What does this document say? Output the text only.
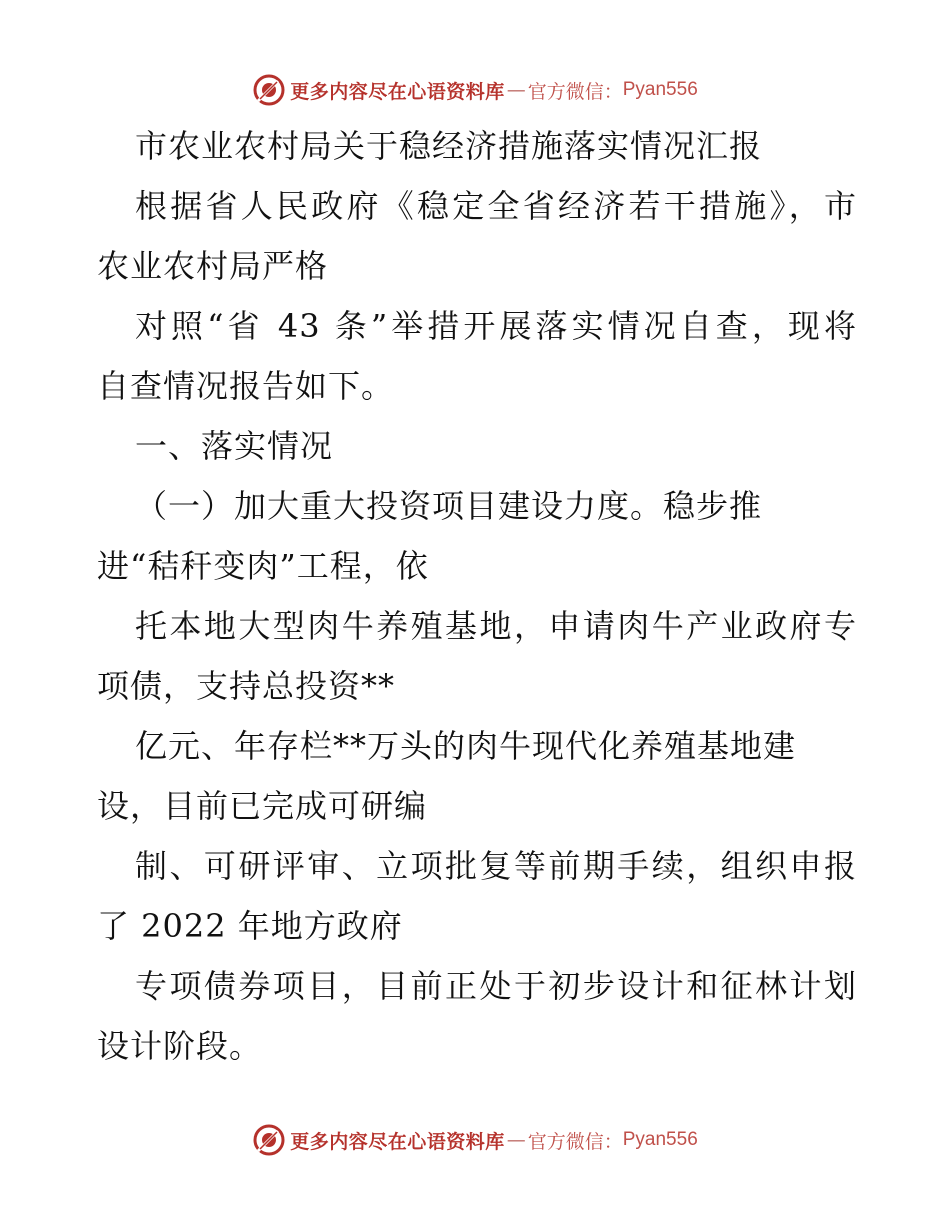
更多内容尽在心语资料库 — 官方微信： Pyan556
市农业农村局关于稳经济措施落实情况汇报
根据省人民政府《稳定全省经济若干措施》，市
农业农村局严格
对照“省 43 条”举措开展落实情况自查，现将
自查情况报告如下。
一、落实情况
（一）加大重大投资项目建设力度。稳步推
进“秸秆变肉”工程，依
托本地大型肉牛养殖基地，申请肉牛产业政府专
项债，支持总投资**
亿元、年存栏**万头的肉牛现代化养殖基地建
设，目前已完成可研编
制、可研评审、立项批复等前期手续，组织申报
了 2022 年地方政府
专项债券项目，目前正处于初步设计和征林计划
设计阶段。
更多内容尽在心语资料库 — 官方微信： Pyan556
